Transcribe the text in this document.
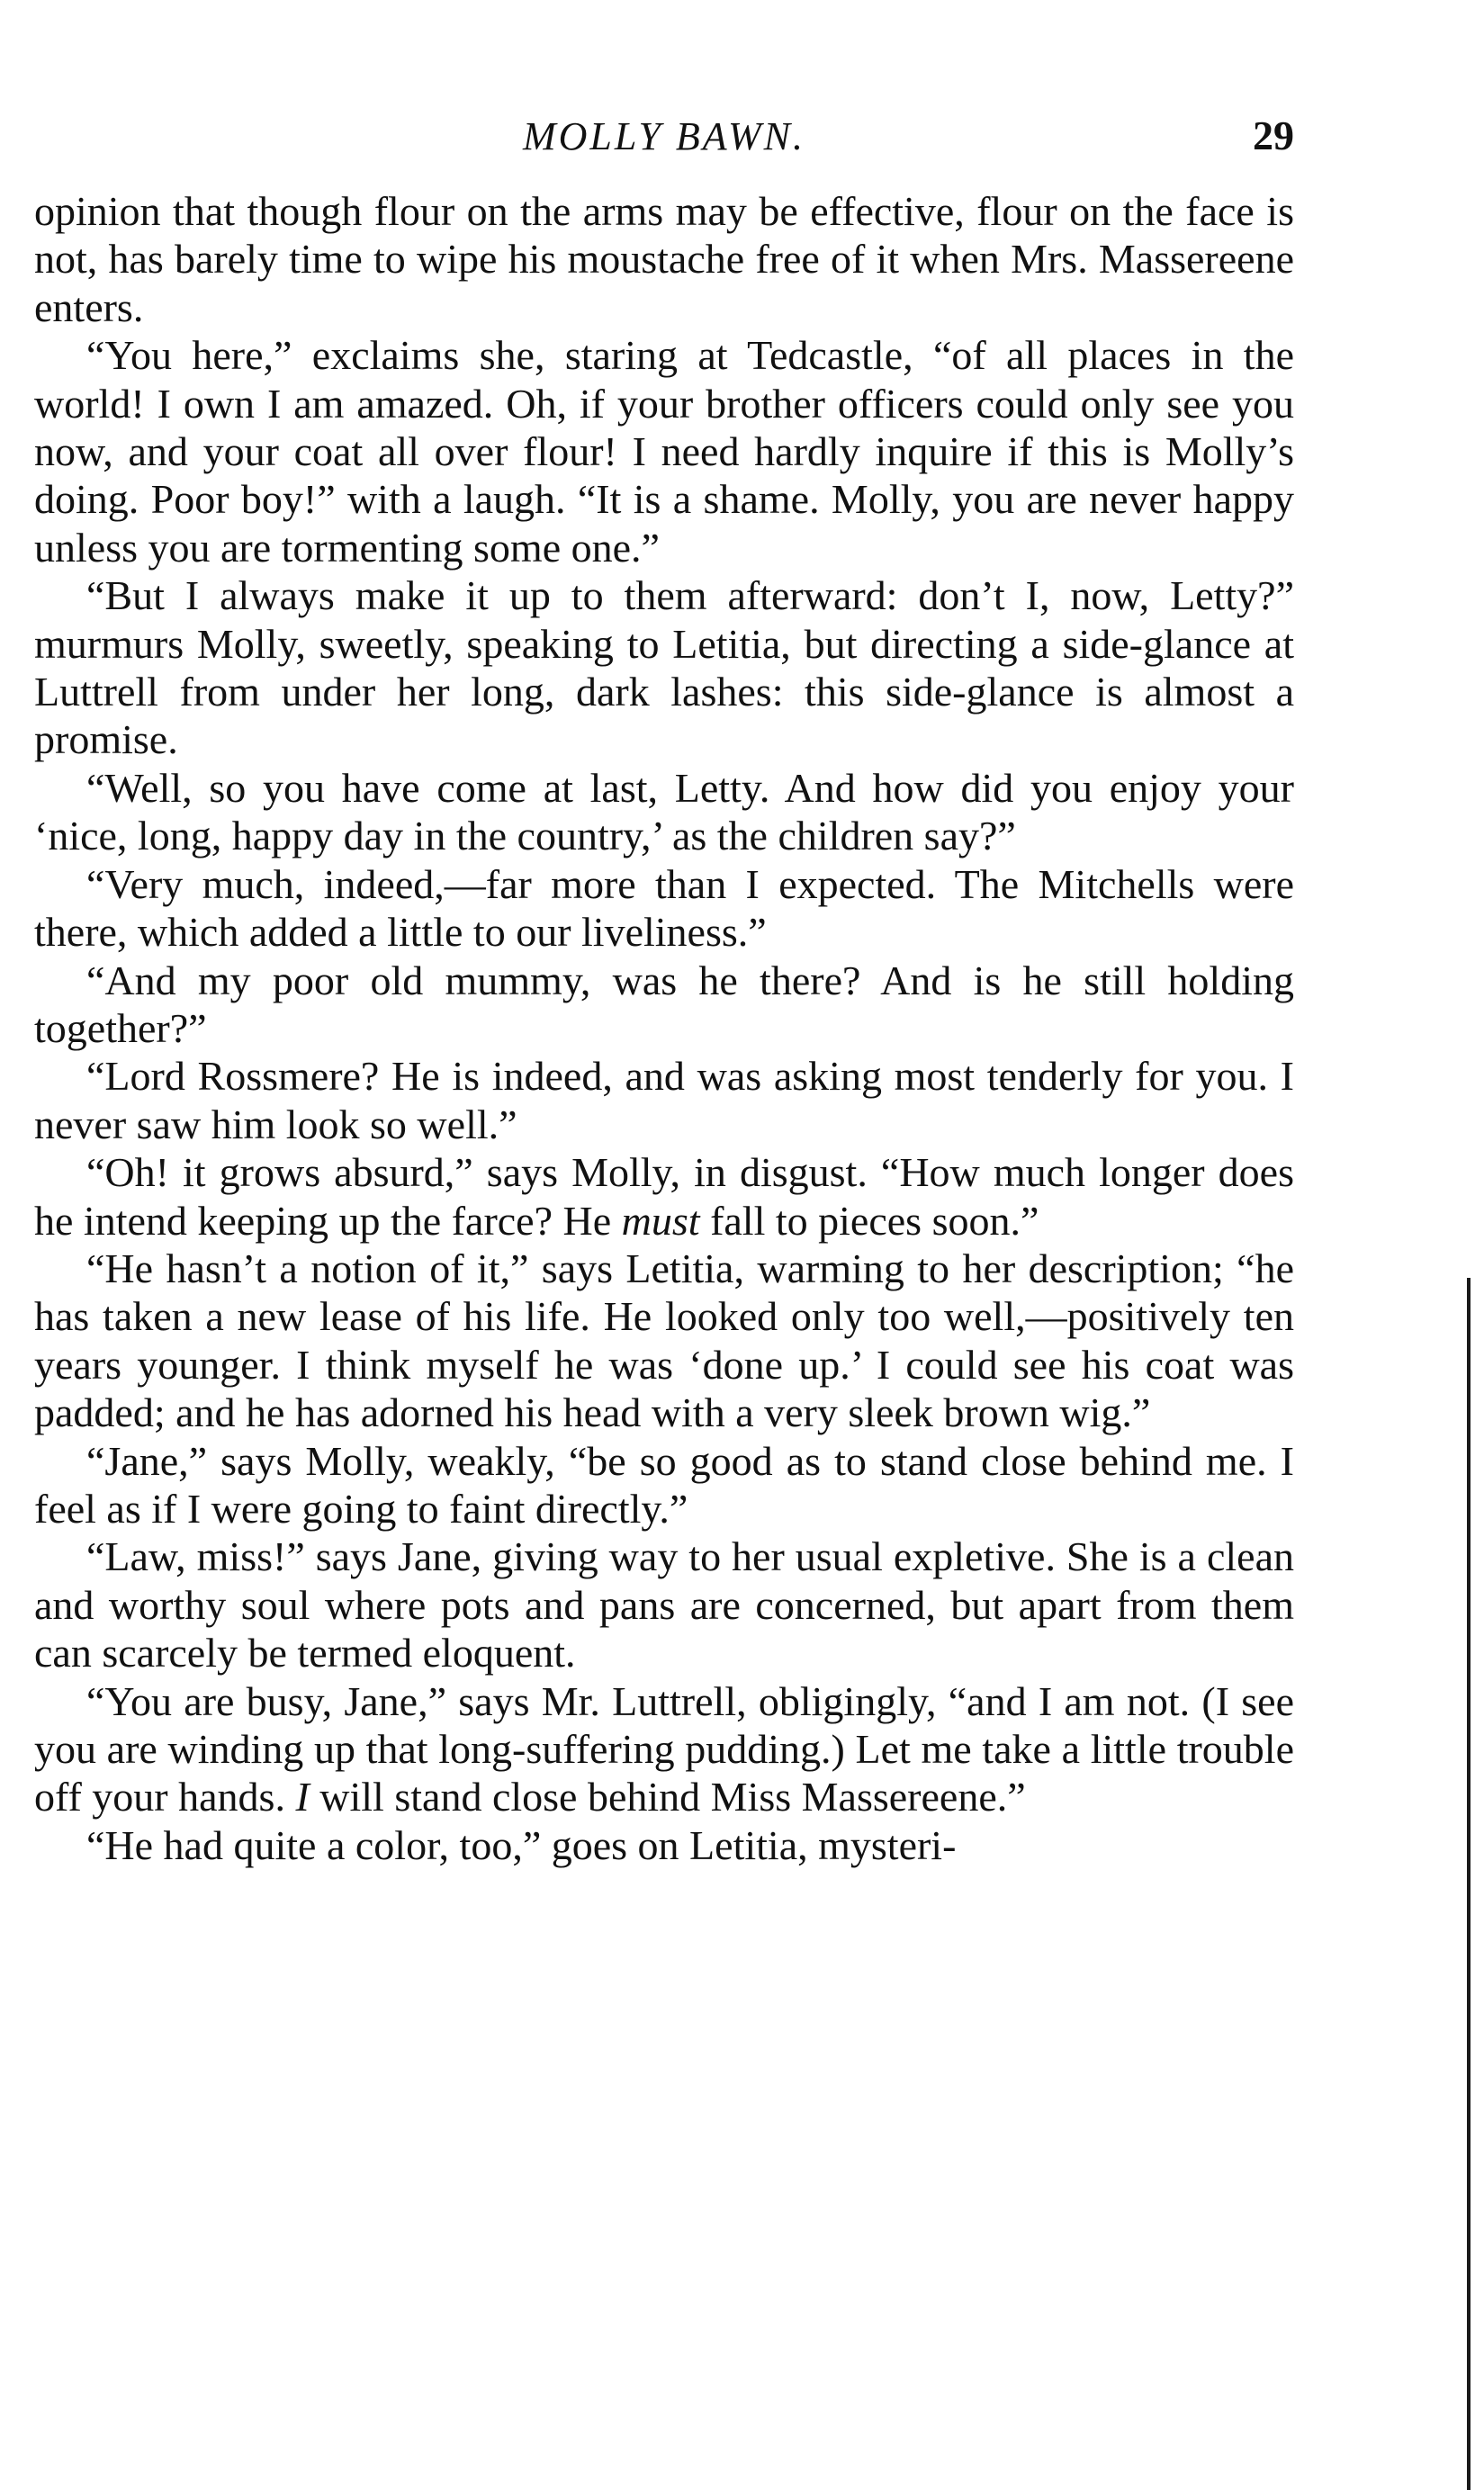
MOLLY BAWN.	29

opinion that though flour on the arms may be effective, flour on the face is not, has barely time to wipe his moustache free of it when Mrs. Massereene enters.

“You here,” exclaims she, staring at Tedcastle, “of all places in the world! I own I am amazed. Oh, if your brother officers could only see you now, and your coat all over flour! I need hardly inquire if this is Molly’s doing. Poor boy!” with a laugh. “It is a shame. Molly, you are never happy unless you are tormenting some one.”

“But I always make it up to them afterward: don’t I, now, Letty?” murmurs Molly, sweetly, speaking to Letitia, but directing a side-glance at Luttrell from under her long, dark lashes: this side-glance is almost a promise.

“Well, so you have come at last, Letty. And how did you enjoy your ‘nice, long, happy day in the country,’ as the children say?”

“Very much, indeed,—far more than I expected. The Mitchells were there, which added a little to our liveliness.”

“And my poor old mummy, was he there? And is he still holding together?”

“Lord Rossmere? He is indeed, and was asking most tenderly for you. I never saw him look so well.”

“Oh! it grows absurd,” says Molly, in disgust. “How much longer does he intend keeping up the farce? He must fall to pieces soon.”

“He hasn’t a notion of it,” says Letitia, warming to her description; “he has taken a new lease of his life. He looked only too well,—positively ten years younger. I think myself he was ‘done up.’ I could see his coat was padded; and he has adorned his head with a very sleek brown wig.”

“Jane,” says Molly, weakly, “be so good as to stand close behind me. I feel as if I were going to faint directly.”

“Law, miss!” says Jane, giving way to her usual expletive. She is a clean and worthy soul where pots and pans are concerned, but apart from them can scarcely be termed eloquent.

“You are busy, Jane,” says Mr. Luttrell, obligingly, “and I am not. (I see you are winding up that long-suffering pudding.) Let me take a little trouble off your hands. I will stand close behind Miss Massereene.”

“He had quite a color, too,” goes on Letitia, mysteri-
